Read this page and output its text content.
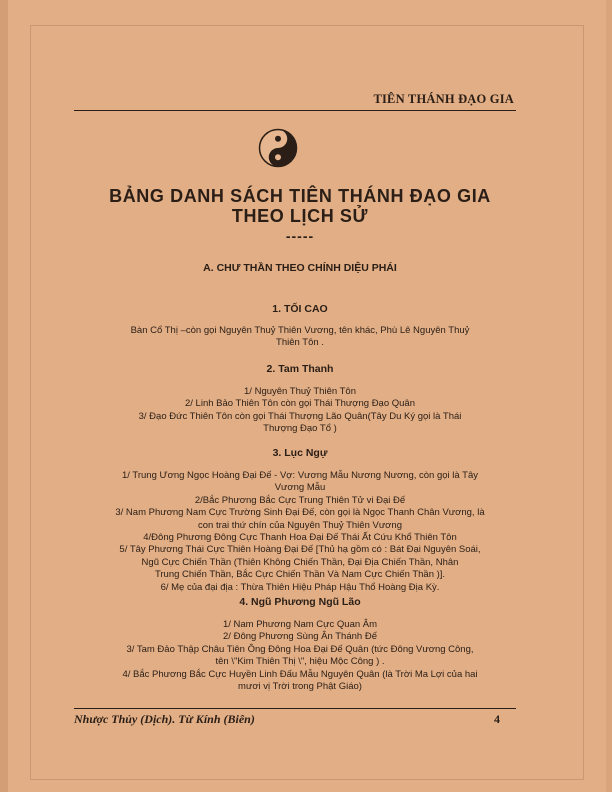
TIÊN THÁNH ĐẠO GIA
BẢNG DANH SÁCH TIÊN THÁNH ĐẠO GIA
THEO LỊCH SỬ
-----
A. CHƯ THẦN THEO CHÍNH DIỆU PHÁI
1. TỐI CAO
Bàn Cổ Thị –còn gọi Nguyên Thuỷ Thiên Vương, tên khác, Phù Lê Nguyên Thuỷ
Thiên Tôn .
2. Tam Thanh
1/ Nguyên Thuỷ Thiên Tôn
2/ Linh Bảo Thiên Tôn còn gọi Thái Thượng Đạo Quân
3/ Đạo Đức Thiên Tôn còn gọi Thái Thượng Lão Quân(Tây Du Ký gọi là Thái
Thượng Đạo Tổ )
3. Lục Ngự
1/ Trung Ương Ngọc Hoàng Đại Đế - Vợ: Vương Mẫu Nương Nương, còn gọi là Tây
Vương Mẫu
2/Bắc Phương Bắc Cực Trung Thiên Tử vi Đại Đế
3/ Nam Phương Nam Cực Trường Sinh Đại Đế, còn gọi là Ngọc Thanh Chân Vương, là
con trai thứ chín của Nguyên Thuỷ Thiên Vương
4/Đông Phương Đông Cực Thanh Hoa Đại Đế Thái Ất Cứu Khổ Thiên Tôn
5/ Tây Phương Thái Cực Thiên Hoàng Đại Đế [Thủ hạ gồm có : Bát Đại Nguyên Soái,
Ngũ Cực Chiến Thần (Thiên Không Chiến Thần, Đại Địa Chiến Thần, Nhân
Trung Chiến Thần, Bắc Cực Chiến Thần Và Nam Cực Chiến Thần )].
6/ Mẹ của đại địa : Thừa Thiên Hiệu Pháp Hậu Thổ Hoàng Địa Kỳ.
4. Ngũ Phương Ngũ Lão
1/ Nam Phương Nam Cực Quan Âm
2/ Đông Phương Sùng Ân Thánh Đế
3/ Tam Đảo Thập Châu Tiên Ông Đông Hoa Đại Đế Quân (tức Đông Vương Công,
tên \"Kim Thiên Thị \", hiệu Mộc Công ) .
4/ Bắc Phương Bắc Cực Huyền Linh Đấu Mẫu Nguyên Quân (là Trời Ma Lợi của hai
mươi vị Trời trong Phật Giáo)
Nhược Thủy (Dịch). Từ Kính (Biên)	4
